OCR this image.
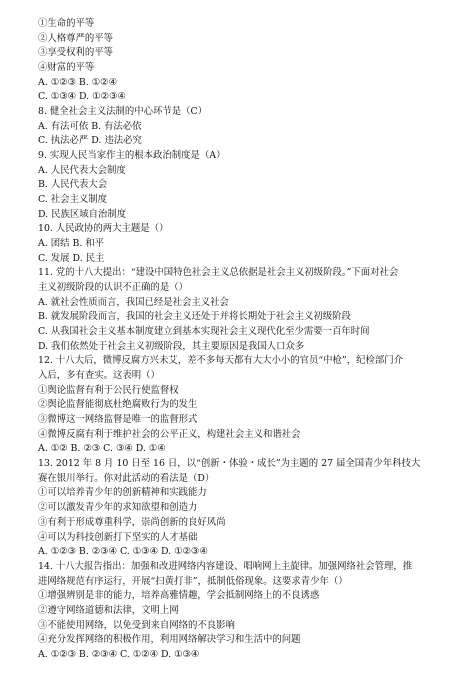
①生命的平等
②人格尊严的平等
③享受权利的平等
④财富的平等
A. ①②③ B. ①②④
C. ①③④ D. ①②③④
8. 健全社会主义法制的中心环节是（C）
A. 有法可依 B. 有法必依
C. 执法必严 D. 违法必究
9. 实现人民当家作主的根本政治制度是（A）
A. 人民代表大会制度
B. 人民代表大会
C. 社会主义制度
D. 民族区域自治制度
10. 人民政协的两大主题是（）
A. 团结 B. 和平
C. 发展 D. 民主
11. 党的十八大提出：“建设中国特色社会主义总依据是社会主义初级阶段。”下面对社会
主义初级阶段的认识不正确的是（）
A. 就社会性质而言，我国已经是社会主义社会
B. 就发展阶段而言，我国的社会主义还处于并将长期处于社会主义初级阶段
C. 从我国社会主义基本制度建立到基本实现社会主义现代化至少需要一百年时间
D. 我们依然处于社会主义初级阶段，其主要原因是我国人口众多
12. 十八大后，微博反腐方兴未艾，差不多每天都有大大小小的官员“中枪”，纪检部门介
入后，多有查实。这表明（）
①舆论监督有利于公民行使监督权
②舆论监督能彻底杜绝腐败行为的发生
③微博这一网络监督是唯一的监督形式
④微博反腐有利于维护社会的公平正义，构建社会主义和谐社会
A. ①② B. ②③ C. ③④ D. ①④
13. 2012 年 8 月 10 日至 16 日，以“创新・体验・成长”为主题的 27 届全国青少年科技大
赛在银川举行。你对此活动的看法是（D）
①可以培养青少年的创新精神和实践能力
②可以激发青少年的求知欲望和创造力
③有利于形成尊重科学，崇尚创新的良好风尚
④可以为科技创新打下坚实的人才基础
A. ①②③ B. ②③④ C. ①③④ D. ①②③④
14. 十八大报告指出：加强和改进网络内容建设、唱响网上主旋律。加强网络社会管理，推
进网络规范有序运行，开展“扫黄打非”，抵制低俗现象。这要求青少年（）
①增强辨别是非的能力，培养高雅情趣，学会抵制网络上的不良诱惑
②遵守网络道德和法律，文明上网
③不能使用网络，以免受到来自网络的不良影响
④充分发挥网络的积极作用，利用网络解决学习和生活中的问题
A. ①②③ B. ②③④ C. ①②④ D. ①③④
